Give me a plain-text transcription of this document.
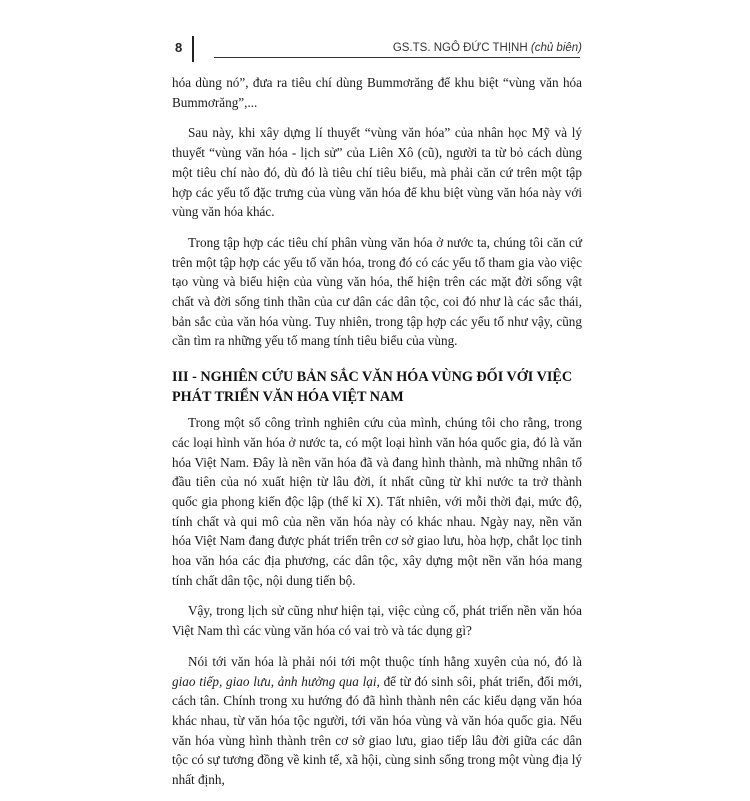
8	GS.TS. NGÔ ĐỨC THỊNH (chủ biên)

hóa dùng nó”, đưa ra tiêu chí dùng Bummơrăng để khu biệt “vùng văn hóa Bummơrăng”,...

Sau này, khi xây dựng lí thuyết “vùng văn hóa” của nhân học Mỹ và lý thuyết “vùng văn hóa - lịch sử” của Liên Xô (cũ), người ta từ bỏ cách dùng một tiêu chí nào đó, dù đó là tiêu chí tiêu biểu, mà phải căn cứ trên một tập hợp các yếu tố đặc trưng của vùng văn hóa để khu biệt vùng văn hóa này với vùng văn hóa khác.

Trong tập hợp các tiêu chí phân vùng văn hóa ở nước ta, chúng tôi căn cứ trên một tập hợp các yếu tố văn hóa, trong đó có các yếu tố tham gia vào việc tạo vùng và biểu hiện của vùng văn hóa, thể hiện trên các mặt đời sống vật chất và đời sống tinh thần của cư dân các dân tộc, coi đó như là các sắc thái, bản sắc của văn hóa vùng. Tuy nhiên, trong tập hợp các yếu tố như vậy, cũng cần tìm ra những yếu tố mang tính tiêu biểu của vùng.

III - NGHIÊN CỨU BẢN SẮC VĂN HÓA VÙNG ĐỐI VỚI VIỆC PHÁT TRIỂN VĂN HÓA VIỆT NAM

Trong một số công trình nghiên cứu của mình, chúng tôi cho rằng, trong các loại hình văn hóa ở nước ta, có một loại hình văn hóa quốc gia, đó là văn hóa Việt Nam. Đây là nền văn hóa đã và đang hình thành, mà những nhân tố đầu tiên của nó xuất hiện từ lâu đời, ít nhất cũng từ khi nước ta trở thành quốc gia phong kiến độc lập (thế kỉ X). Tất nhiên, với mỗi thời đại, mức độ, tính chất và qui mô của nền văn hóa này có khác nhau. Ngày nay, nền văn hóa Việt Nam đang được phát triển trên cơ sở giao lưu, hòa hợp, chắt lọc tinh hoa văn hóa các địa phương, các dân tộc, xây dựng một nền văn hóa mang tính chất dân tộc, nội dung tiến bộ.

Vậy, trong lịch sử cũng như hiện tại, việc củng cố, phát triển nền văn hóa Việt Nam thì các vùng văn hóa có vai trò và tác dụng gì?

Nói tới văn hóa là phải nói tới một thuộc tính hằng xuyên của nó, đó là giao tiếp, giao lưu, ảnh hưởng qua lại, để từ đó sinh sôi, phát triển, đổi mới, cách tân. Chính trong xu hướng đó đã hình thành nên các kiểu dạng văn hóa khác nhau, từ văn hóa tộc người, tới văn hóa vùng và văn hóa quốc gia. Nếu văn hóa vùng hình thành trên cơ sở giao lưu, giao tiếp lâu đời giữa các dân tộc có sự tương đồng về kinh tế, xã hội, cùng sinh sống trong một vùng địa lý nhất định,
